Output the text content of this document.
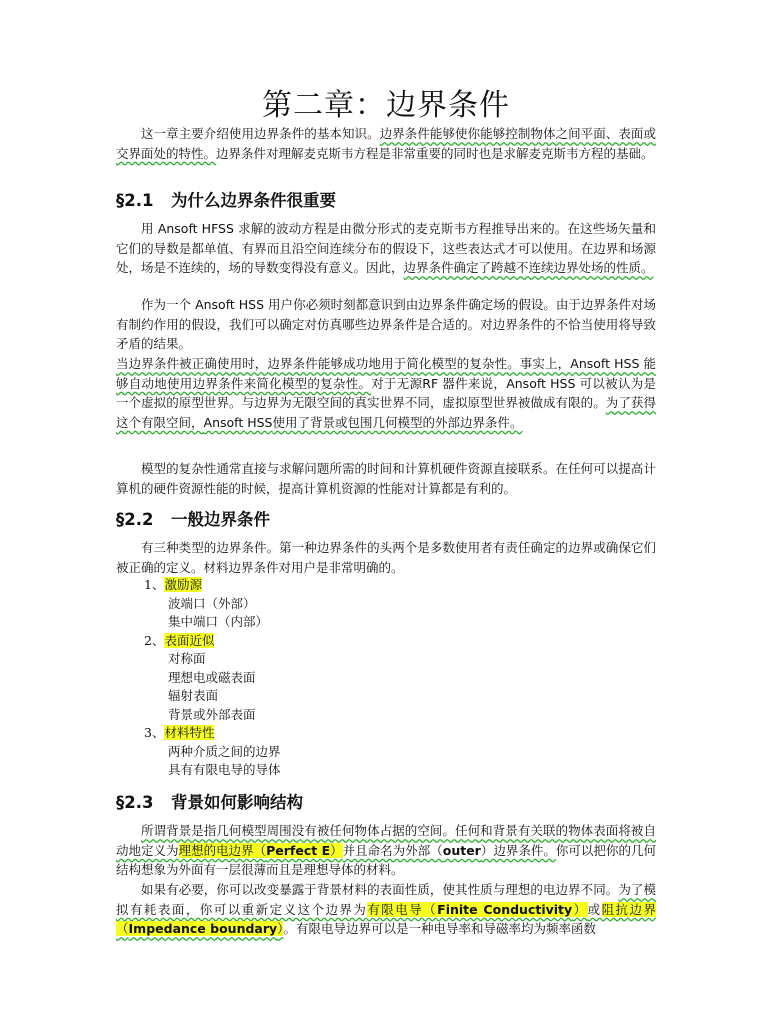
第二章：边界条件

这一章主要介绍使用边界条件的基本知识。边界条件能够使你能够控制物体之间平面、表面或交界面处的特性。边界条件对理解麦克斯韦方程是非常重要的同时也是求解麦克斯韦方程的基础。

§2.1 为什么边界条件很重要

用 Ansoft HFSS 求解的波动方程是由微分形式的麦克斯韦方程推导出来的。在这些场矢量和它们的导数是都单值、有界而且沿空间连续分布的假设下，这些表达式才可以使用。在边界和场源处，场是不连续的，场的导数变得没有意义。因此，边界条件确定了跨越不连续边界处场的性质。

作为一个 Ansoft HSS 用户你必须时刻都意识到由边界条件确定场的假设。由于边界条件对场有制约作用的假设，我们可以确定对仿真哪些边界条件是合适的。对边界条件的不恰当使用将导致矛盾的结果。

当边界条件被正确使用时，边界条件能够成功地用于简化模型的复杂性。事实上，Ansoft HSS 能够自动地使用边界条件来简化模型的复杂性。对于无源RF 器件来说，Ansoft HSS 可以被认为是一个虚拟的原型世界。与边界为无限空间的真实世界不同，虚拟原型世界被做成有限的。为了获得这个有限空间，Ansoft HSS使用了背景或包围几何模型的外部边界条件。

模型的复杂性通常直接与求解问题所需的时间和计算机硬件资源直接联系。在任何可以提高计算机的硬件资源性能的时候，提高计算机资源的性能对计算都是有利的。

§2.2 一般边界条件

有三种类型的边界条件。第一种边界条件的头两个是多数使用者有责任确定的边界或确保它们被正确的定义。材料边界条件对用户是非常明确的。

1、激励源
波端口（外部）
集中端口（内部）
2、表面近似
对称面
理想电或磁表面
辐射表面
背景或外部表面
3、材料特性
两种介质之间的边界
具有有限电导的导体
§2.3 背景如何影响结构

所谓背景是指几何模型周围没有被任何物体占据的空间。任何和背景有关联的物体表面将被自动地定义为理想的电边界（Perfect E）并且命名为外部（outer）边界条件。你可以把你的几何结构想象为外面有一层很薄而且是理想导体的材料。

如果有必要，你可以改变暴露于背景材料的表面性质，使其性质与理想的电边界不同。为了模拟有耗表面，你可以重新定义这个边界为有限电导（Finite Conductivity）或阻抗边界（Impedance boundary）。有限电导边界可以是一种电导率和导磁率均为频率函数
